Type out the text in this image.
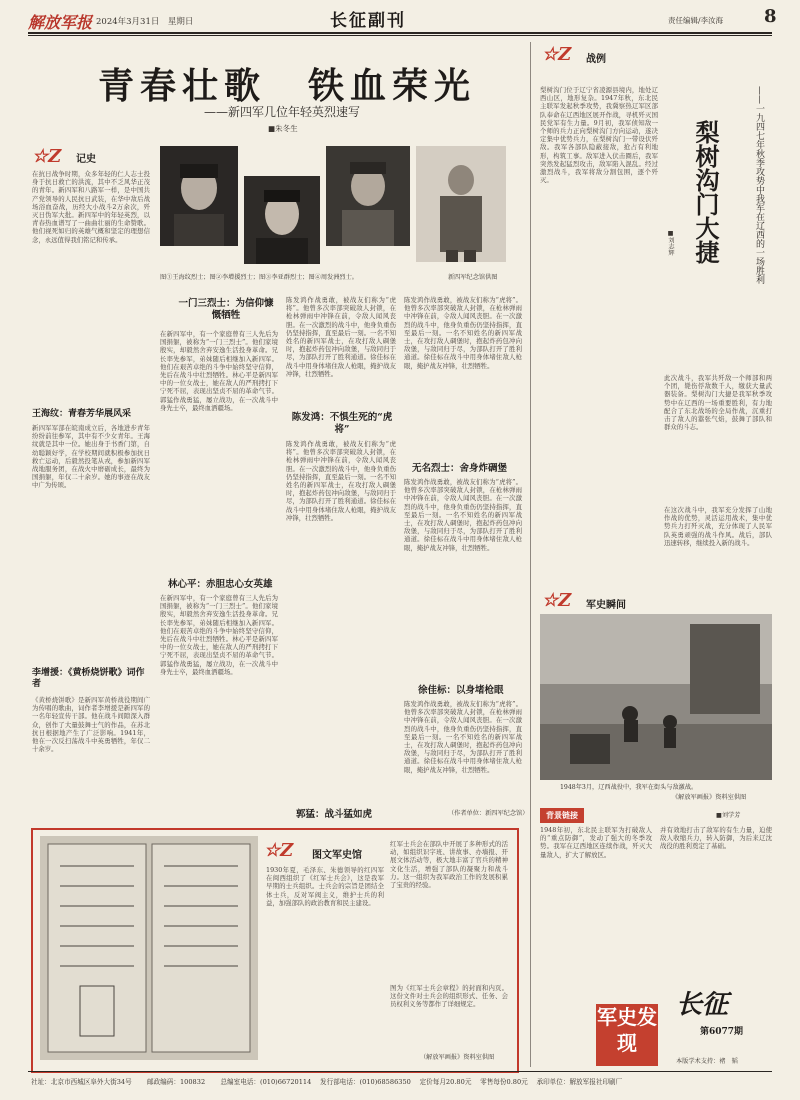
解放军报 2024年3月31日　星期日	长征副刊	责任编辑/李汝海 8
青春壮歌　铁血荣光
——新四军几位年轻英烈速写
■朱冬生
☆Z 记史
在抗日战争时期，众多年轻的仁人志士投身于抗日救亡的洪流，其中不乏风华正茂的青年。新四军和八路军一样，是中国共产党领导的人民抗日武装，在华中敌后战场浴血奋战，历经大小战斗2万余次，歼灭日伪军大批。新四军中的年轻英烈，以青春热血谱写了一曲曲壮丽的生命赞歌。他们视死如归的英雄气概和坚定的理想信念，永远值得我们铭记和传承。
王海纹：青春芳华展风采
新四军军部在皖南成立后，各地进步青年纷纷前往参军，其中有不少女青年。王海纹就是其中一位。她出身于书香门第，自幼聪颖好学，在学校期间就积极参加抗日救亡运动，后毅然投笔从戎，参加新四军战地服务团，在战火中磨砺成长，最终为国捐躯，年仅二十余岁。她的事迹在战友中广为传颂。
李增援：《黄桥烧饼歌》词作者
《黄桥烧饼歌》是新四军黄桥战役期间广为传唱的歌曲，词作者李增援是新四军的一名年轻宣传干部。他在战斗间隙深入群众，创作了大量鼓舞士气的作品，在苏北抗日根据地产生了广泛影响。1941年，他在一次反扫荡战斗中英勇牺牲，年仅二十余岁。
图①王海纹烈士；图②李增援烈士；图③李亚群烈士；图④周发洲烈士。	新四军纪念馆供图
一门三烈士：为信仰慷慨牺牲
在新四军中，有一个家庭曾有三人先后为国捐躯，被称为“一门三烈士”。他们家境殷实，却毅然舍弃安逸生活投身革命。兄长率先参军，弟妹随后相继加入新四军。他们在艰苦卓绝的斗争中始终坚守信仰，先后在战斗中壮烈牺牲。林心平是新四军中的一位女战士，她在敌人的严刑拷打下宁死不屈，表现出坚贞不屈的革命气节。郭猛作战勇猛，屡立战功，在一次战斗中身先士卒，最终血洒疆场。
林心平：赤胆忠心女英雄
在新四军中，有一个家庭曾有三人先后为国捐躯，被称为“一门三烈士”。他们家境殷实，却毅然舍弃安逸生活投身革命。兄长率先参军，弟妹随后相继加入新四军。他们在艰苦卓绝的斗争中始终坚守信仰，先后在战斗中壮烈牺牲。林心平是新四军中的一位女战士，她在敌人的严刑拷打下宁死不屈，表现出坚贞不屈的革命气节。郭猛作战勇猛，屡立战功，在一次战斗中身先士卒，最终血洒疆场。
郭猛：战斗猛如虎
陈发鸿作战勇敢，被战友们称为“虎将”。他曾多次率部突破敌人封锁，在枪林弹雨中冲锋在前，令敌人闻风丧胆。在一次激烈的战斗中，他身负重伤仍坚持指挥，直至最后一刻。一名不知姓名的新四军战士，在攻打敌人碉堡时，抱起炸药包冲向敌堡，与敌同归于尽，为部队打开了胜利通道。徐佳标在战斗中用身体堵住敌人枪眼，掩护战友冲锋，壮烈牺牲。
陈发鸿：不惧生死的“虎将”
陈发鸿作战勇敢，被战友们称为“虎将”。他曾多次率部突破敌人封锁，在枪林弹雨中冲锋在前，令敌人闻风丧胆。在一次激烈的战斗中，他身负重伤仍坚持指挥，直至最后一刻。一名不知姓名的新四军战士，在攻打敌人碉堡时，抱起炸药包冲向敌堡，与敌同归于尽，为部队打开了胜利通道。徐佳标在战斗中用身体堵住敌人枪眼，掩护战友冲锋，壮烈牺牲。
陈发鸿作战勇敢，被战友们称为“虎将”。他曾多次率部突破敌人封锁，在枪林弹雨中冲锋在前，令敌人闻风丧胆。在一次激烈的战斗中，他身负重伤仍坚持指挥，直至最后一刻。一名不知姓名的新四军战士，在攻打敌人碉堡时，抱起炸药包冲向敌堡，与敌同归于尽，为部队打开了胜利通道。徐佳标在战斗中用身体堵住敌人枪眼，掩护战友冲锋，壮烈牺牲。
无名烈士：舍身炸碉堡
陈发鸿作战勇敢，被战友们称为“虎将”。他曾多次率部突破敌人封锁，在枪林弹雨中冲锋在前，令敌人闻风丧胆。在一次激烈的战斗中，他身负重伤仍坚持指挥，直至最后一刻。一名不知姓名的新四军战士，在攻打敌人碉堡时，抱起炸药包冲向敌堡，与敌同归于尽，为部队打开了胜利通道。徐佳标在战斗中用身体堵住敌人枪眼，掩护战友冲锋，壮烈牺牲。
徐佳标：以身堵枪眼
陈发鸿作战勇敢，被战友们称为“虎将”。他曾多次率部突破敌人封锁，在枪林弹雨中冲锋在前，令敌人闻风丧胆。在一次激烈的战斗中，他身负重伤仍坚持指挥，直至最后一刻。一名不知姓名的新四军战士，在攻打敌人碉堡时，抱起炸药包冲向敌堡，与敌同归于尽，为部队打开了胜利通道。徐佳标在战斗中用身体堵住敌人枪眼，掩护战友冲锋，壮烈牺牲。
（作者单位：新四军纪念馆）
☆Z 战例
梨树沟门位于辽宁省凌源县境内，地处辽西山区，地形复杂。1947年秋，东北民主联军发起秋季攻势，我冀察热辽军区部队奉命在辽西地区展开作战，寻机歼灭国民党军有生力量。9月初，我军侦知敌一个师的兵力正向梨树沟门方向运动，遂决定集中优势兵力，在梨树沟门一带设伏歼敌。我军各部队隐蔽接敌，抢占有利地形，构筑工事。敌军进入伏击圈后，我军突然发起猛烈攻击，敌军陷入混乱。经过激烈战斗，我军将敌分割包围，逐个歼灭。	梨树沟门大捷	——一九四七年秋季攻势中我军在辽西的一场胜利
■刘志辉
此次战斗，我军共歼敌一个师部和两个团，毙伤俘敌数千人，缴获大量武器装备。梨树沟门大捷是我军秋季攻势中在辽西的一场重要胜利，有力地配合了东北战场的全局作战，沉重打击了敌人的嚣张气焰，鼓舞了部队和群众的斗志。
在这次战斗中，我军充分发挥了山地作战的优势，灵活运用战术，集中优势兵力打歼灭战，充分体现了人民军队英勇顽强的战斗作风。战后，部队迅速转移，继续投入新的战斗。
☆Z 军史瞬间
1948年3月，辽西战役中，我军在街头与敌激战。
《解放军画报》资料室供图
背景链接	■刘学芳
1948年初，东北民主联军为打破敌人的“重点防御”，发动了强大的冬季攻势。我军在辽西地区连续作战，歼灭大量敌人，扩大了解放区。
并有效地打击了敌军的有生力量，迫使敌人收缩兵力，转入防御，为后来辽沈战役的胜利奠定了基础。
军史发现
长征
第6077期
本版学术支持：褚　韬
☆Z 图文军史馆
1930年夏，毛泽东、朱德领导的红四军在闽西组织了《红军士兵会》，这是我军早期的士兵组织。士兵会的宗旨是团结全体士兵，反对军阀主义，维护士兵的利益，加强部队的政治教育和民主建设。
红军士兵会在部队中开展了多种形式的活动，如组织识字班、讲故事、办墙报、开展文体活动等，极大地丰富了官兵的精神文化生活，增强了部队的凝聚力和战斗力。这一组织为我军政治工作的发展积累了宝贵的经验。
图为《红军士兵会章程》的封面和内页。这份文件对士兵会的组织形式、任务、会员权利义务等都作了详细规定。
（解放军画报》资料室供图
社址：北京市西城区阜外大街34号　　 邮政编码：100832　　 总编室电话：(010)66720114　 发行部电话：(010)68586350　 定价每月20.80元　 零售每份0.80元　 承印单位：解放军报社印刷厂
